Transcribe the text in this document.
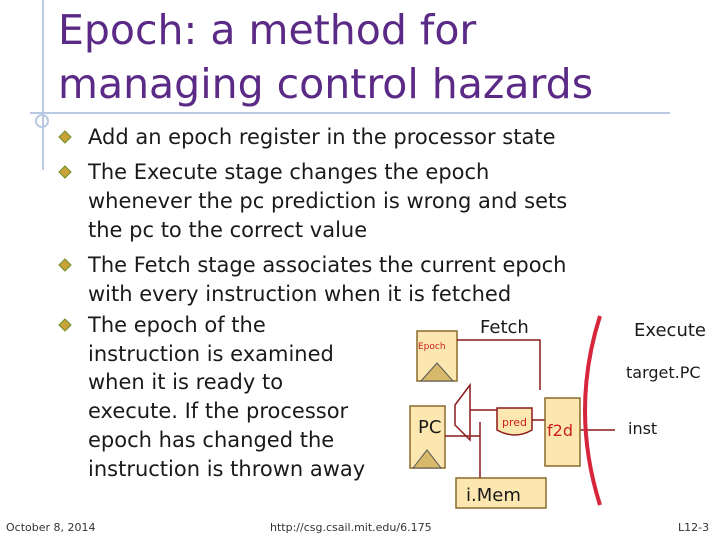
Epoch: a method for
managing control hazards
Add an epoch register in the processor state
The Execute stage changes the epoch
whenever the pc prediction is wrong and sets
the pc to the correct value
The Fetch stage associates the current epoch
with every instruction when it is fetched
The epoch of the
instruction is examined
when it is ready to
execute. If the processor
epoch has changed the
instruction is thrown away
Fetch	Execute
Epoch
PC	pred f2d
i.Mem
target.PC
inst
October 8, 2014	http://csg.csail.mit.edu/6.175	L12-3
